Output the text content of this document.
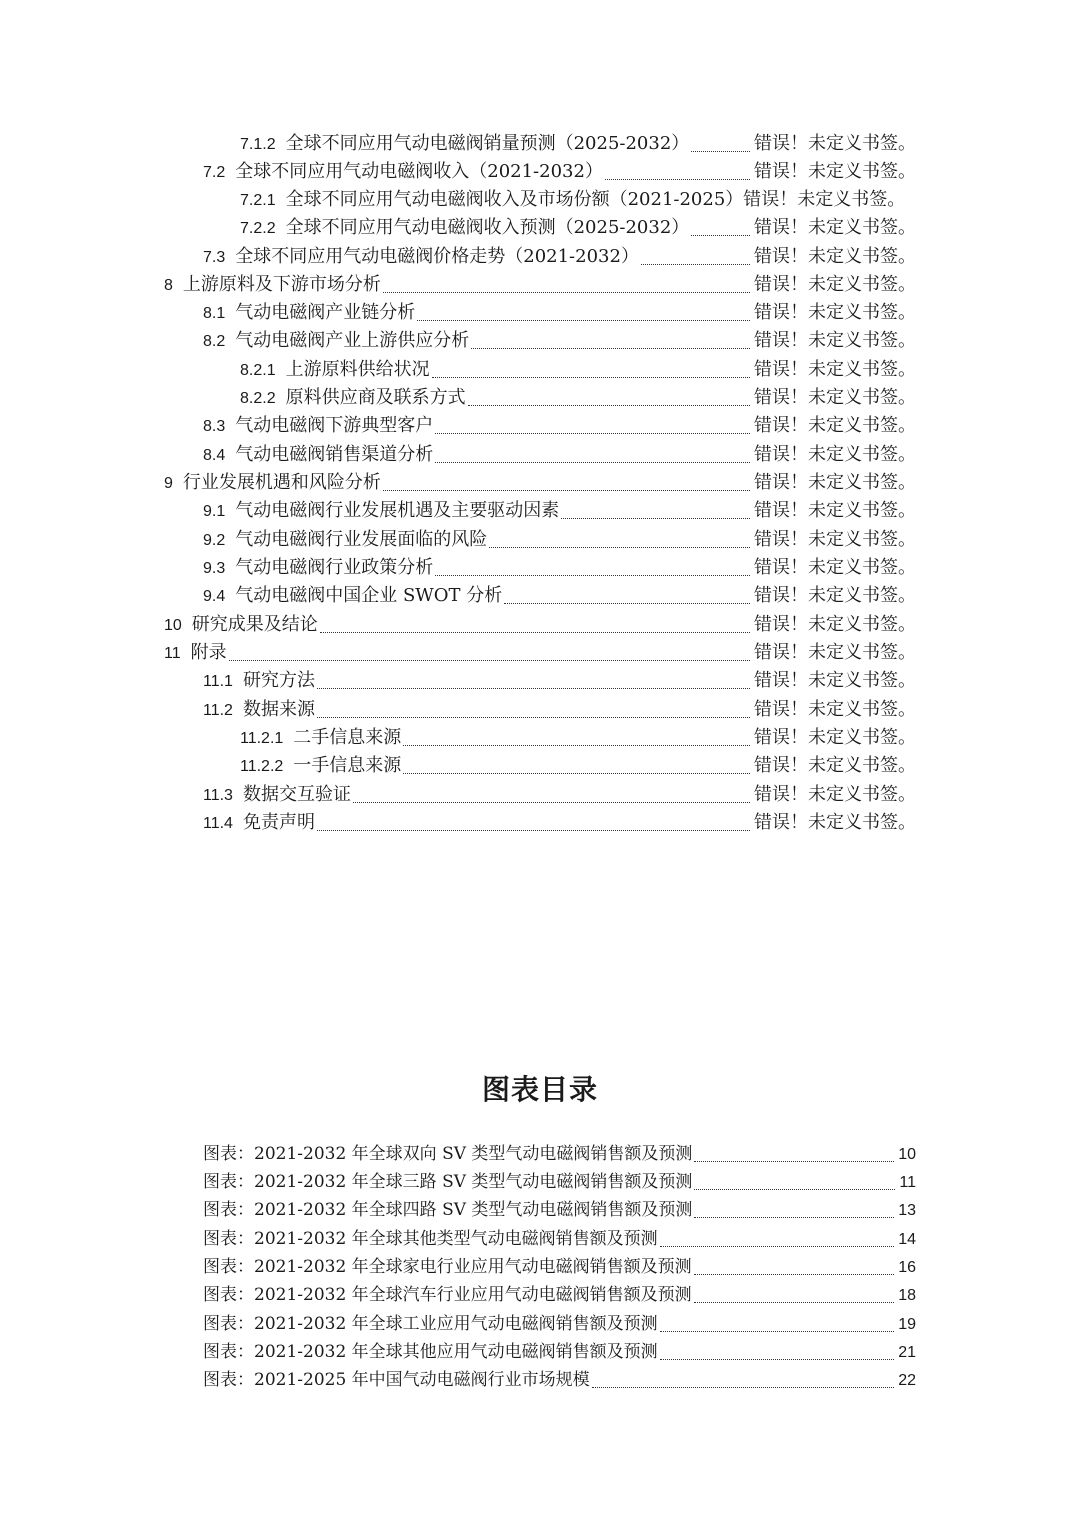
7.1.2 全球不同应用气动电磁阀销量预测（2025-2032）	错误！未定义书签。
7.2 全球不同应用气动电磁阀收入（2021-2032）	错误！未定义书签。
7.2.1 全球不同应用气动电磁阀收入及市场份额（2021-2025） 错误！未定义书签。
7.2.2 全球不同应用气动电磁阀收入预测（2025-2032）	错误！未定义书签。
7.3 全球不同应用气动电磁阀价格走势（2021-2032）	错误！未定义书签。
8 上游原料及下游市场分析	错误！未定义书签。
8.1 气动电磁阀产业链分析	错误！未定义书签。
8.2 气动电磁阀产业上游供应分析	错误！未定义书签。
8.2.1 上游原料供给状况	错误！未定义书签。
8.2.2 原料供应商及联系方式	错误！未定义书签。
8.3 气动电磁阀下游典型客户	错误！未定义书签。
8.4 气动电磁阀销售渠道分析	错误！未定义书签。
9 行业发展机遇和风险分析	错误！未定义书签。
9.1 气动电磁阀行业发展机遇及主要驱动因素	错误！未定义书签。
9.2 气动电磁阀行业发展面临的风险	错误！未定义书签。
9.3 气动电磁阀行业政策分析	错误！未定义书签。
9.4 气动电磁阀中国企业 SWOT 分析	错误！未定义书签。
10 研究成果及结论	错误！未定义书签。
11 附录	错误！未定义书签。
11.1 研究方法	错误！未定义书签。
11.2 数据来源	错误！未定义书签。
11.2.1 二手信息来源	错误！未定义书签。
11.2.2 一手信息来源	错误！未定义书签。
11.3 数据交互验证	错误！未定义书签。
11.4 免责声明	错误！未定义书签。
图表目录
图表： 2021-2032 年全球双向 SV 类型气动电磁阀销售额及预测	10
图表： 2021-2032 年全球三路 SV 类型气动电磁阀销售额及预测	11
图表： 2021-2032 年全球四路 SV 类型气动电磁阀销售额及预测	13
图表： 2021-2032 年全球其他类型气动电磁阀销售额及预测	14
图表： 2021-2032 年全球家电行业应用气动电磁阀销售额及预测	16
图表： 2021-2032 年全球汽车行业应用气动电磁阀销售额及预测	18
图表： 2021-2032 年全球工业应用气动电磁阀销售额及预测	19
图表： 2021-2032 年全球其他应用气动电磁阀销售额及预测	21
图表： 2021-2025 年中国气动电磁阀行业市场规模	22
